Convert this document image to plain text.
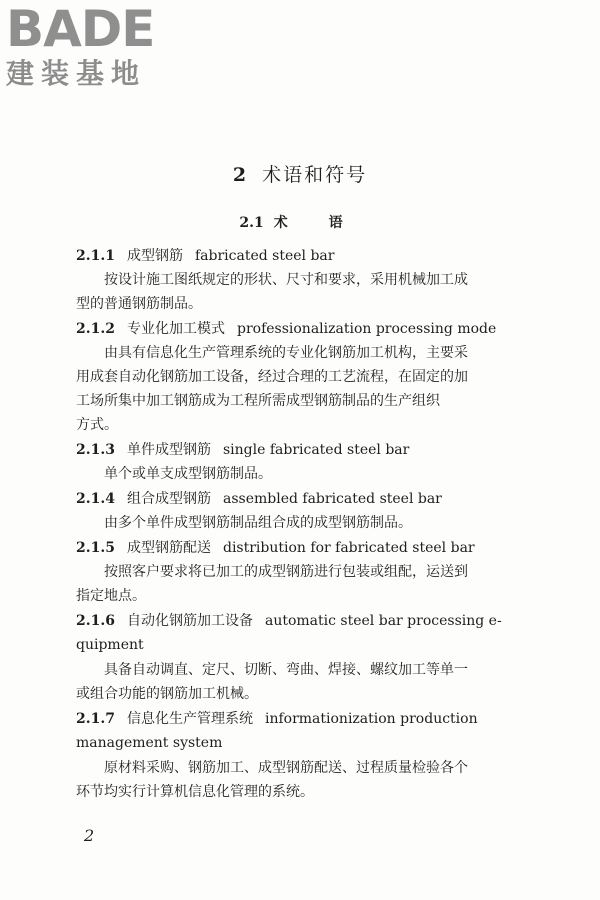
BADE
建装基地
2 术语和符号
2.1 术 语
2.1.1 成型钢筋 fabricated steel bar
按设计施工图纸规定的形状、尺寸和要求，采用机械加工成
型的普通钢筋制品。
2.1.2 专业化加工模式 professionalization processing mode
由具有信息化生产管理系统的专业化钢筋加工机构，主要采
用成套自动化钢筋加工设备，经过合理的工艺流程，在固定的加
工场所集中加工钢筋成为工程所需成型钢筋制品的生产组织
方式。
2.1.3 单件成型钢筋 single fabricated steel bar
单个或单支成型钢筋制品。
2.1.4 组合成型钢筋 assembled fabricated steel bar
由多个单件成型钢筋制品组合成的成型钢筋制品。
2.1.5 成型钢筋配送 distribution for fabricated steel bar
按照客户要求将已加工的成型钢筋进行包装或组配，运送到
指定地点。
2.1.6 自动化钢筋加工设备 automatic steel bar processing e-
quipment
具备自动调直、定尺、切断、弯曲、焊接、螺纹加工等单一
或组合功能的钢筋加工机械。
2.1.7 信息化生产管理系统 informationization production
management system
原材料采购、钢筋加工、成型钢筋配送、过程质量检验各个
环节均实行计算机信息化管理的系统。
2
